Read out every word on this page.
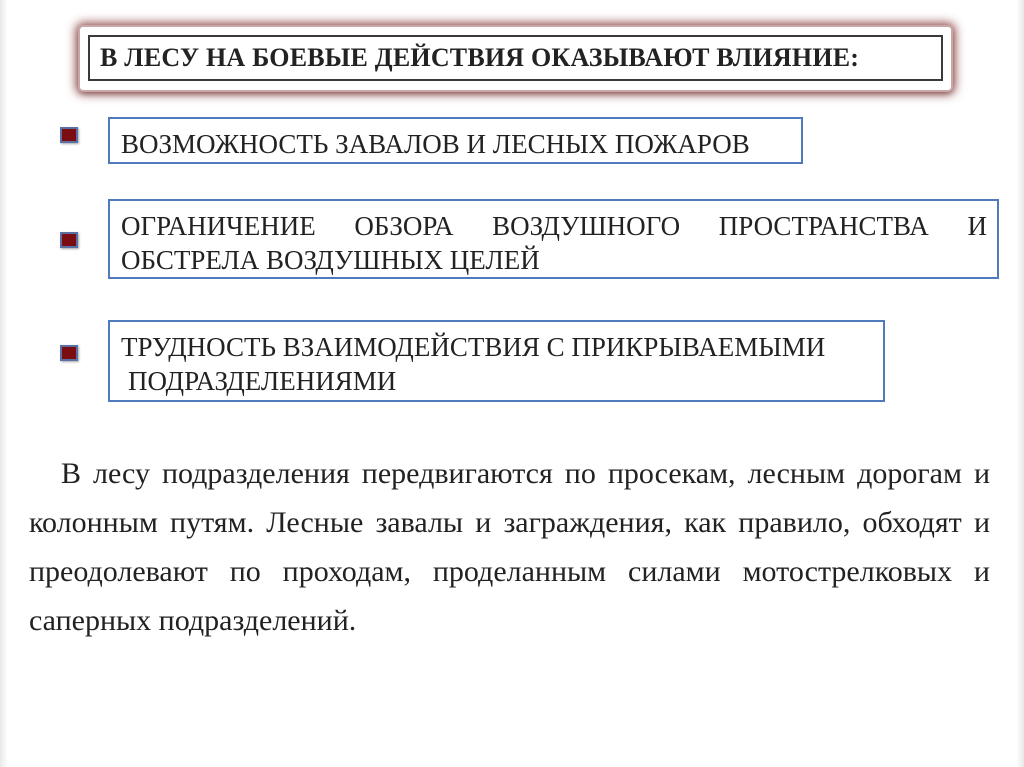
В ЛЕСУ НА БОЕВЫЕ ДЕЙСТВИЯ ОКАЗЫВАЮТ ВЛИЯНИЕ:
ВОЗМОЖНОСТЬ ЗАВАЛОВ И ЛЕСНЫХ ПОЖАРОВ
ОГРАНИЧЕНИЕ ОБЗОРА ВОЗДУШНОГО ПРОСТРАНСТВА И ОБСТРЕЛА ВОЗДУШНЫХ ЦЕЛЕЙ
ТРУДНОСТЬ ВЗАИМОДЕЙСТВИЯ С ПРИКРЫВАЕМЫМИ
ПОДРАЗДЕЛЕНИЯМИ
В лесу подразделения передвигаются по просекам, лесным дорогам и колонным путям. Лесные завалы и заграждения, как правило, обходят и преодолевают по проходам, проделанным силами мотострелковых и саперных подразделений.
